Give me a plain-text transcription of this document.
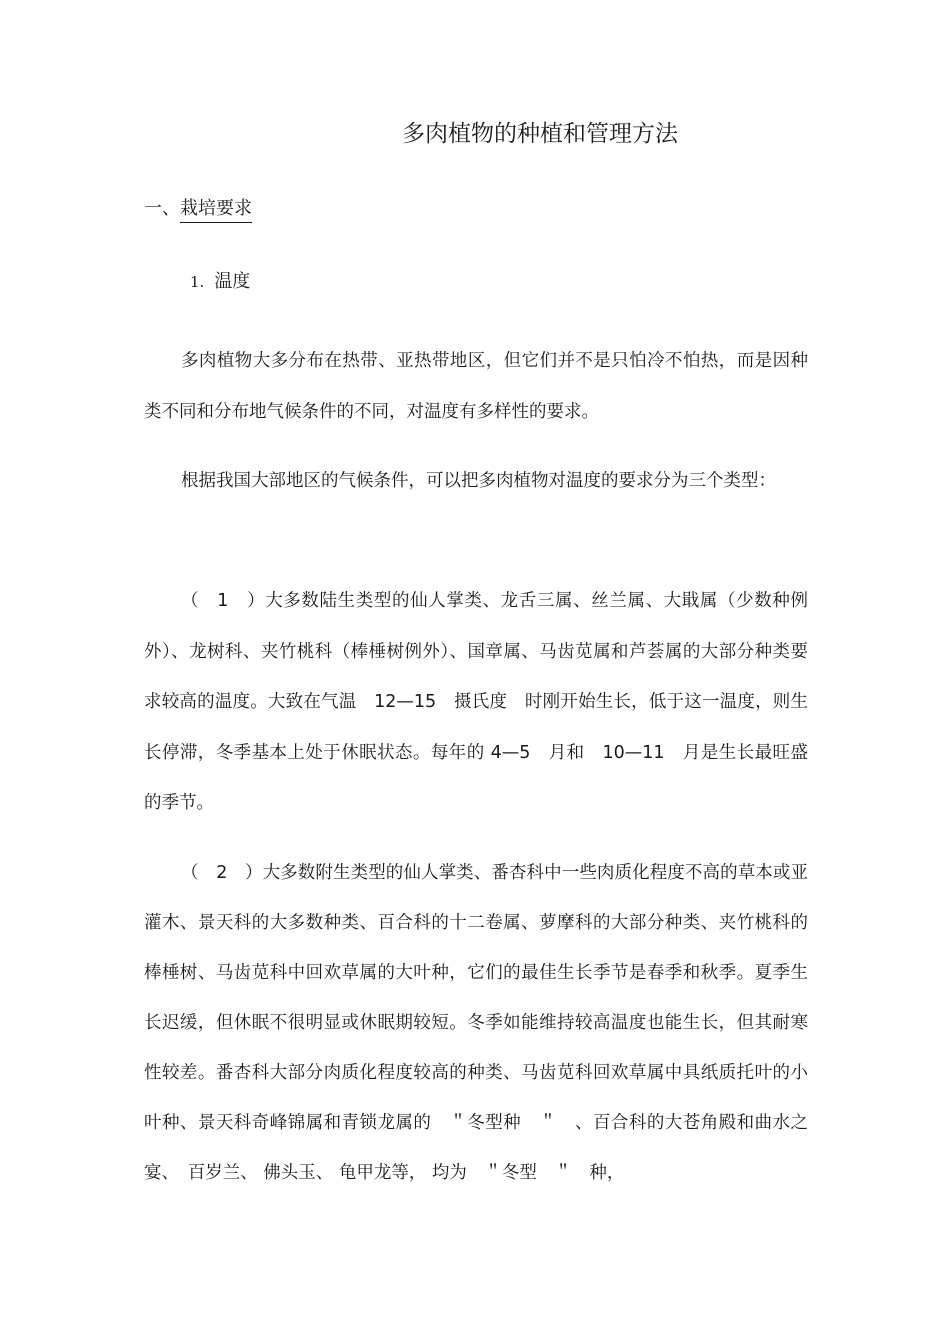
多肉植物的种植和管理方法
一、栽培要求
1. 温度

多肉植物大多分布在热带、亚热带地区，但它们并不是只怕冷不怕热，而是因种类不同和分布地气候条件的不同，对温度有多样性的要求。

根据我国大部地区的气候条件，可以把多肉植物对温度的要求分为三个类型：

（　1　）大多数陆生类型的仙人掌类、龙舌三属、丝兰属、大戢属（少数种例外）、龙树科、夹竹桃科（棒棰树例外）、国章属、马齿苋属和芦荟属的大部分种类要求较高的温度。大致在气温　12—15　摄氏度　时刚开始生长，低于这一温度，则生长停滞，冬季基本上处于休眠状态。每年的 4—5　月和　10—11　月是生长最旺盛的季节。

（　2　）大多数附生类型的仙人掌类、番杏科中一些肉质化程度不高的草本或亚灌木、景天科的大多数种类、百合科的十二卷属、萝摩科的大部分种类、夹竹桃科的棒棰树、马齿苋科中回欢草属的大叶种，它们的最佳生长季节是春季和秋季。夏季生长迟缓，但休眠不很明显或休眠期较短。冬季如能维持较高温度也能生长，但其耐寒性较差。番杏科大部分肉质化程度较高的种类、马齿苋科回欢草属中具纸质托叶的小叶种、景天科奇峰锦属和青锁龙属的　＂冬型种　＂　、百合科的大苍角殿和曲水之宴、　百岁兰、 佛头玉、 龟甲龙等， 均为　＂冬型　＂　种，
